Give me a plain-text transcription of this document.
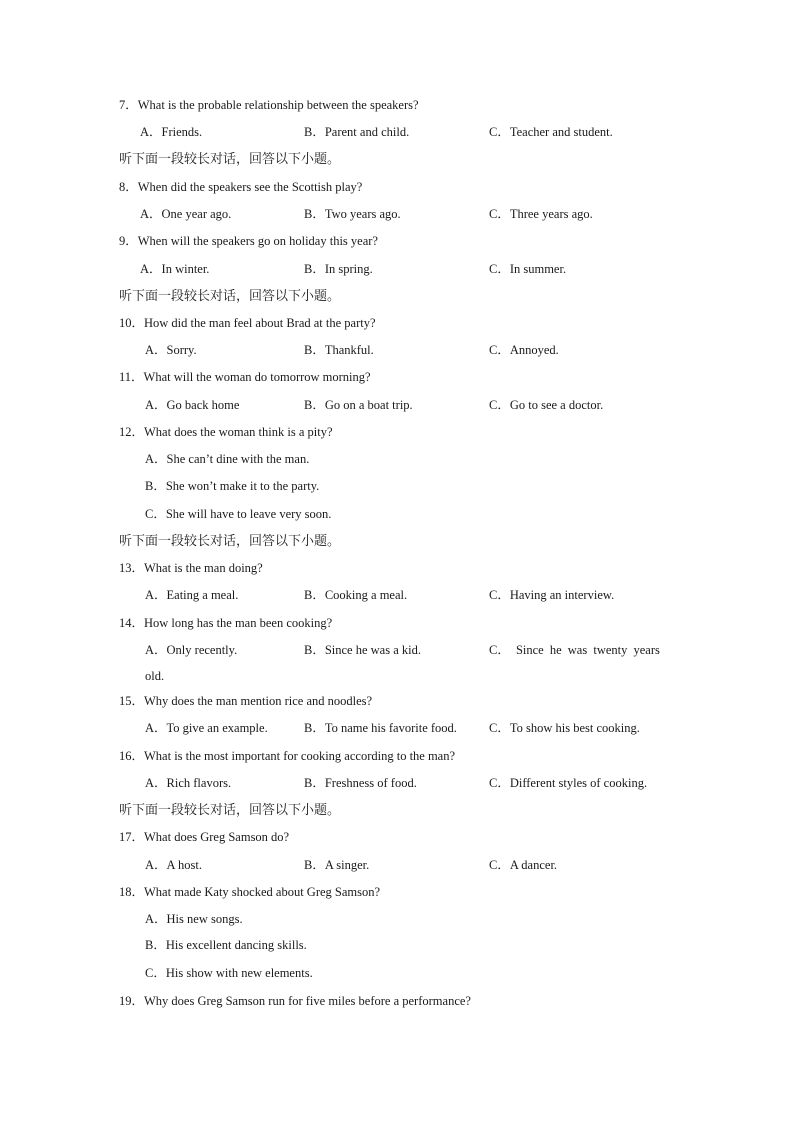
7．What is the probable relationship between the speakers?
A．Friends.	B．Parent and child.	C．Teacher and student.
听下面一段较长对话，回答以下小题。
8．When did the speakers see the Scottish play?
A．One year ago.	B．Two years ago.	C．Three years ago.
9．When will the speakers go on holiday this year?
A．In winter.	B．In spring.	C．In summer.
听下面一段较长对话，回答以下小题。
10．How did the man feel about Brad at the party?
A．Sorry.	B．Thankful.	C．Annoyed.
11．What will the woman do tomorrow morning?
A．Go back home	B．Go on a boat trip.	C．Go to see a doctor.
12．What does the woman think is a pity?
A．She can’t dine with the man.
B．She won’t make it to the party.
C．She will have to leave very soon.
听下面一段较长对话，回答以下小题。
13．What is the man doing?
A．Eating a meal.	B．Cooking a meal.	C．Having an interview.
14．How long has the man been cooking?
A．Only recently.	B．Since he was a kid.	C． Since he was twenty years
old.
15．Why does the man mention rice and noodles?
A．To give an example.	B．To name his favorite food.	C．To show his best cooking.
16．What is the most important for cooking according to the man?
A．Rich flavors.	B．Freshness of food.	C．Different styles of cooking.
听下面一段较长对话，回答以下小题。
17．What does Greg Samson do?
A．A host.	B．A singer.	C．A dancer.
18．What made Katy shocked about Greg Samson?
A．His new songs.
B．His excellent dancing skills.
C．His show with new elements.
19．Why does Greg Samson run for five miles before a performance?
